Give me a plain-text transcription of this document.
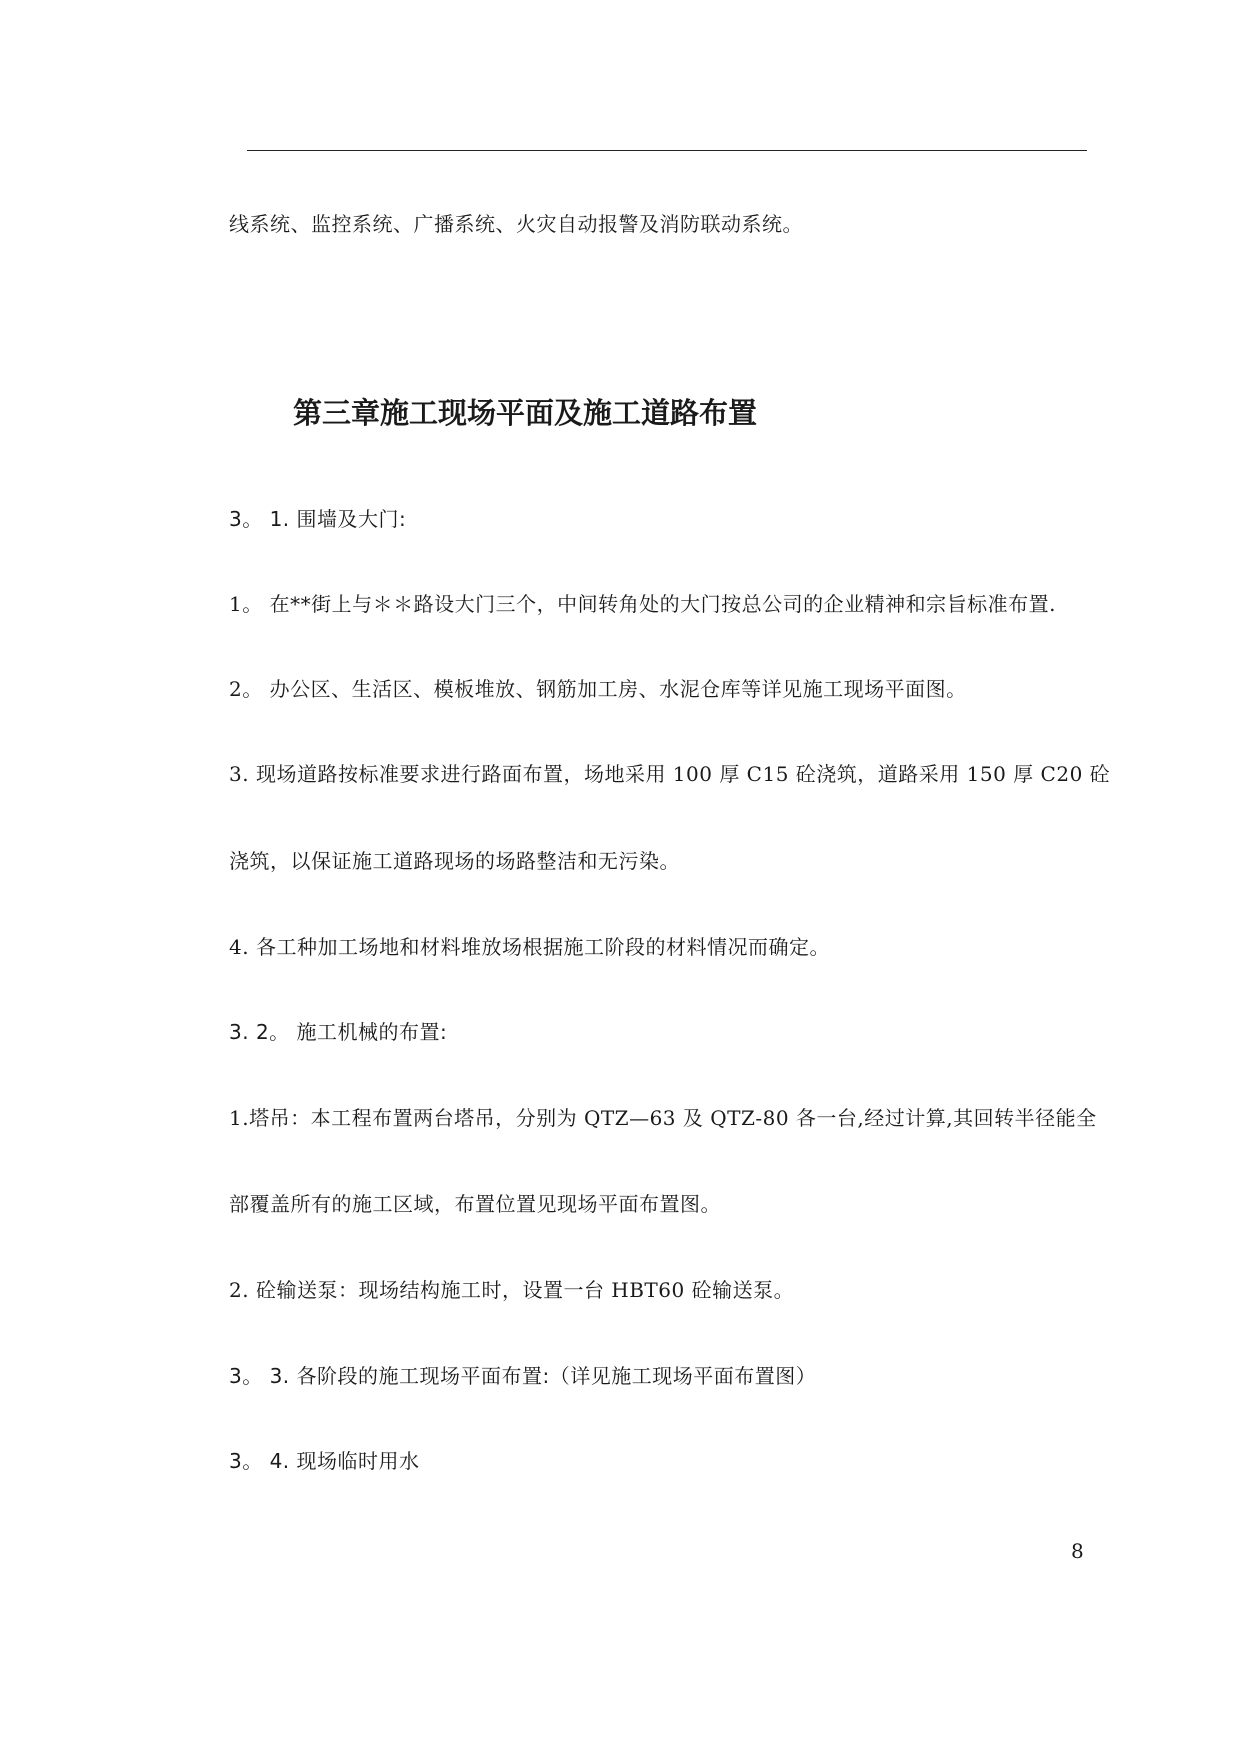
线系统、监控系统、广播系统、火灾自动报警及消防联动系统。
第三章施工现场平面及施工道路布置
3。 1. 围墙及大门:
1。 在**街上与＊＊路设大门三个，中间转角处的大门按总公司的企业精神和宗旨标准布置.
2。 办公区、生活区、模板堆放、钢筋加工房、水泥仓库等详见施工现场平面图。
3. 现场道路按标准要求进行路面布置，场地采用 100 厚 C15 砼浇筑，道路采用 150 厚 C20 砼
浇筑，以保证施工道路现场的场路整洁和无污染。
4. 各工种加工场地和材料堆放场根据施工阶段的材料情况而确定。
3. 2。 施工机械的布置:
1.塔吊：本工程布置两台塔吊，分别为 QTZ—63 及 QTZ-80 各一台,经过计算,其回转半径能全
部覆盖所有的施工区域，布置位置见现场平面布置图。
2. 砼输送泵：现场结构施工时，设置一台 HBT60 砼输送泵。
3。 3. 各阶段的施工现场平面布置:（详见施工现场平面布置图）
3。 4. 现场临时用水
8
